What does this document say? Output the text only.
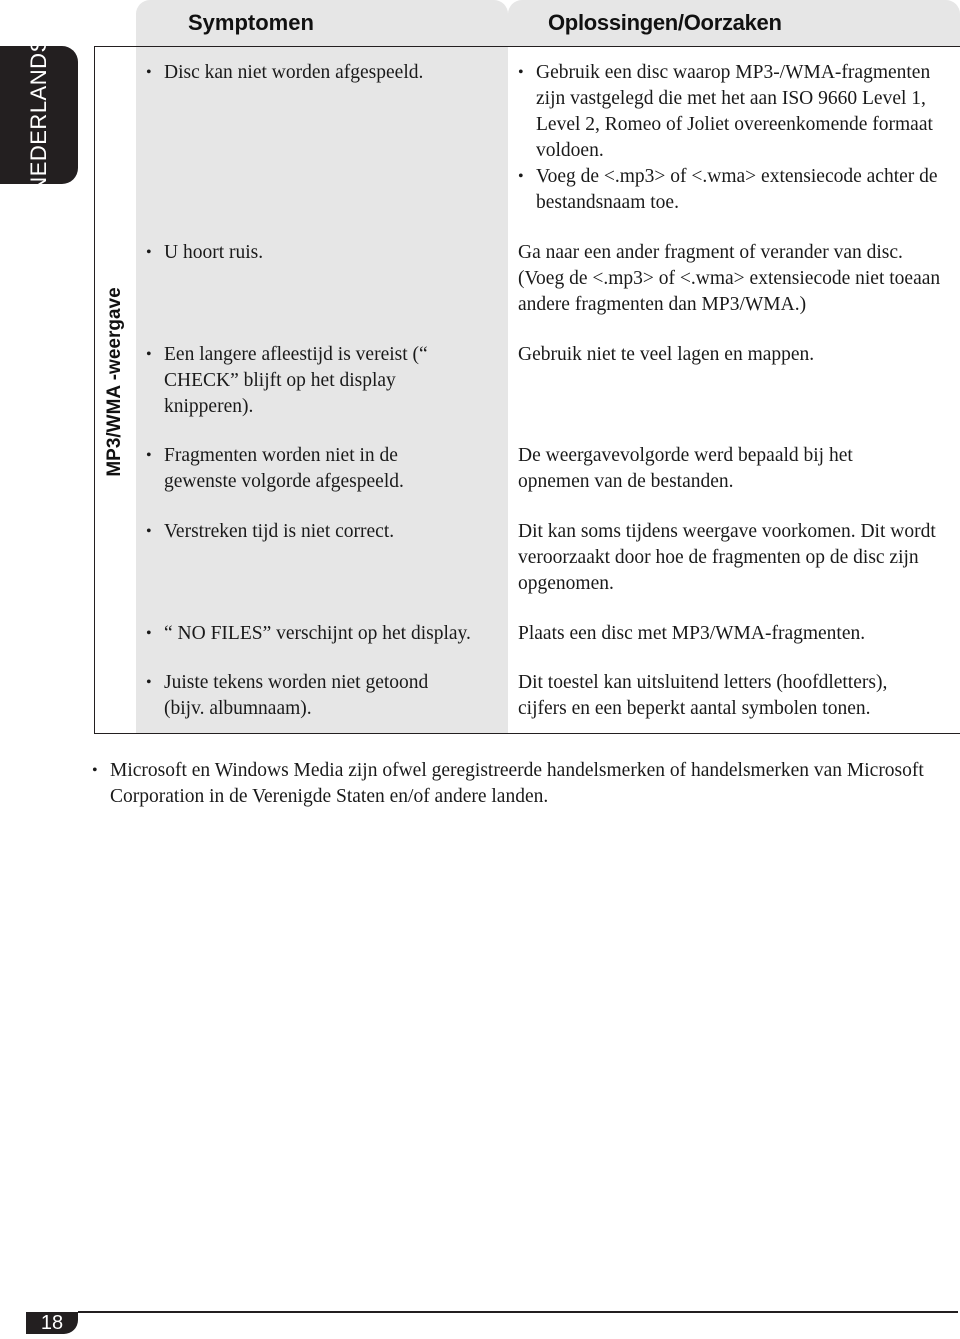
NEDERLANDS
Symptomen	Oplossingen/Oorzaken
MP3/WMA -weergave
• Disc kan niet worden afgespeeld.
•	Gebruik een disc waarop MP3-/WMA-fragmenten zijn vastgelegd die met het aan ISO 9660 Level 1, Level 2, Romeo of Joliet overeenkomende formaat voldoen.
• Voeg de <.mp3> of <.wma> extensiecode achter de bestandsnaam toe.
• U hoort ruis.	Ga naar een ander fragment of verander van disc. (Voeg de <.mp3> of <.wma> extensiecode niet toeaan andere fragmenten dan MP3/WMA.)
• Een langere afleestijd is vereist (“ CHECK” blijft op het display knipperen).
Gebruik niet te veel lagen en mappen.
• Fragmenten worden niet in de gewenste volgorde afgespeeld.
De weergavevolgorde werd bepaald bij het opnemen van de bestanden.
• Verstreken tijd is niet correct.	Dit kan soms tijdens weergave voorkomen. Dit wordt veroorzaakt door hoe de fragmenten op de disc zijn opgenomen.
• “ NO FILES” verschijnt op het display.	Plaats een disc met MP3/WMA-fragmenten.
• Juiste tekens worden niet getoond (bijv. albumnaam).
Dit toestel kan uitsluitend letters (hoofdletters), cijfers en een beperkt aantal symbolen tonen.
• Microsoft en Windows Media zijn ofwel geregistreerde handelsmerken of handelsmerken van Microsoft Corporation in de Verenigde Staten en/of andere landen.
18
